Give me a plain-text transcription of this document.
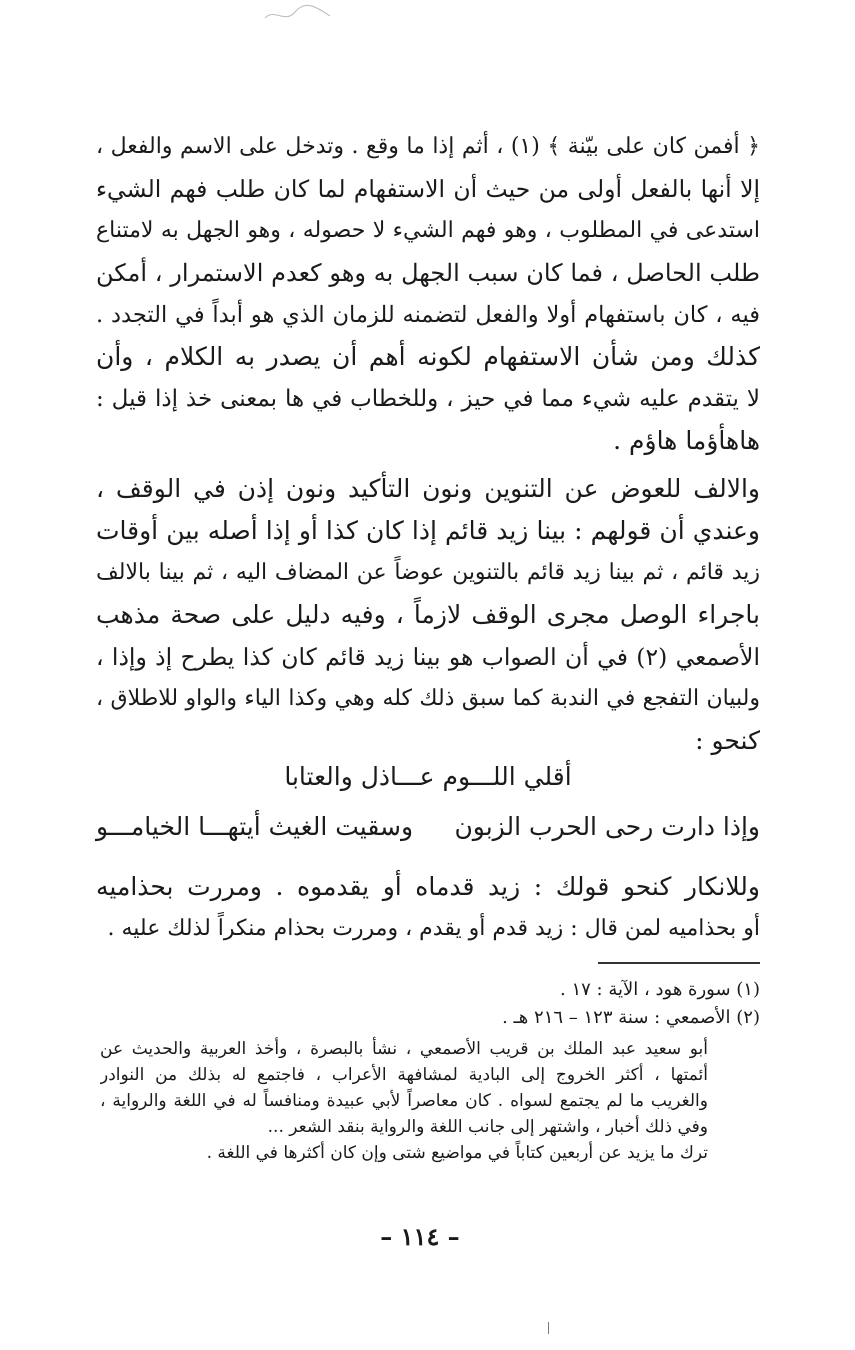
﴿ أفمن كان على بيّنة ﴾ (١) ، أثم إذا ما وقع . وتدخل على الاسم والفعل ،
إلا أنها بالفعل أولى من حيث أن الاستفهام لما كان طلب فهم الشيء
استدعى في المطلوب ، وهو فهم الشيء لا حصوله ، وهو الجهل به لامتناع
طلب الحاصل ، فما كان سبب الجهل به وهو كعدم الاستمرار ، أمكن
فيه ، كان باستفهام أولا والفعل لتضمنه للزمان الذي هو أبداً في التجدد .
كذلك ومن شأن الاستفهام لكونه أهم أن يصدر به الكلام ، وأن
لا يتقدم عليه شيء مما في حيز ، وللخطاب في ها بمعنى خذ إذا قيل :
هاهأؤما هاؤم .
والالف للعوض عن التنوين ونون التأكيد ونون إذن في الوقف ،
وعندي أن قولهم : بينا زيد قائم إذا كان كذا أو إذا أصله بين أوقات
زيد قائم ، ثم بينا زيد قائم بالتنوين عوضاً عن المضاف اليه ، ثم بينا بالالف
باجراء الوصل مجرى الوقف لازماً ، وفيه دليل على صحة مذهب
الأصمعي (٢) في أن الصواب هو بينا زيد قائم كان كذا يطرح إذ وإذا ،
ولبيان التفجع في الندبة كما سبق ذلك كله وهي وكذا الياء والواو للاطلاق ،
كنحو :
أقلي اللـــوم عـــاذل والعتابا
وإذا دارت رحى الحرب الزبون
وسقيت الغيث أيتهـــا الخيامـــو
وللانكار كنحو قولك : زيد قدماه أو يقدموه . ومررت بحذاميه
أو بحذاميه لمن قال : زيد قدم أو يقدم ، ومررت بحذام منكراً لذلك عليه .
(١) سورة هود ، الآية : ١٧ .
(٢) الأصمعي : سنة ١٢٣ – ٢١٦ هـ .
أبو سعيد عبد الملك بن قريب الأصمعي ، نشأ بالبصرة ، وأخذ العربية والحديث عن
أئمتها ، أكثر الخروج إلى البادية لمشافهة الأعراب ، فاجتمع له بذلك من النوادر
والغريب ما لم يجتمع لسواه . كان معاصراً لأبي عبيدة ومنافساً له في اللغة والرواية ،
وفي ذلك أخبار ، واشتهر إلى جانب اللغة والرواية بنقد الشعر ...
ترك ما يزيد عن أربعين كتاباً في مواضيع شتى وإن كان أكثرها في اللغة .
– ١١٤ –
